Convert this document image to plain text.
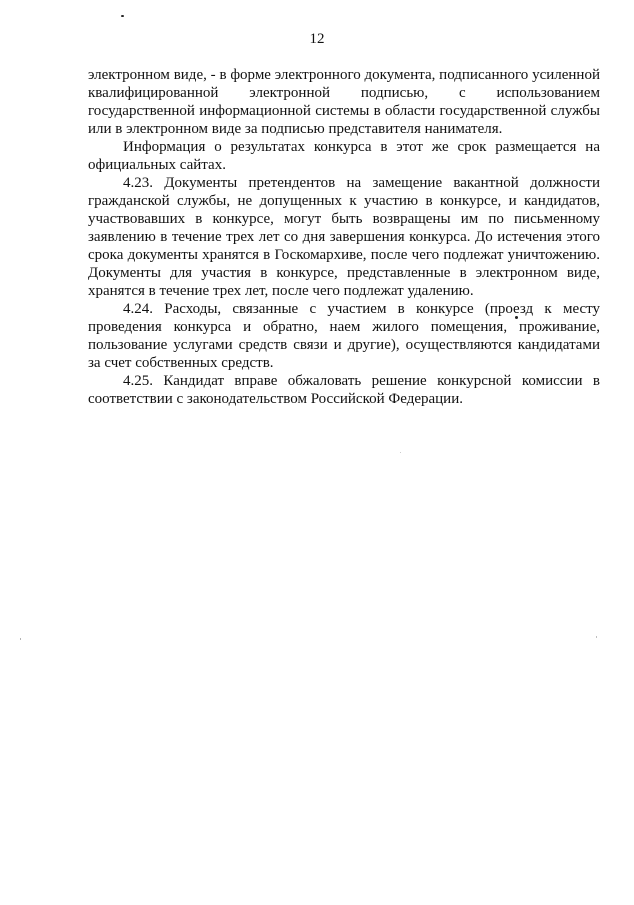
12

электронном виде, - в форме электронного документа, подписанного усиленной квалифицированной электронной подписью, с использованием государственной информационной системы в области государственной службы или в электронном виде за подписью представителя нанимателя.

Информация о результатах конкурса в этот же срок размещается на официальных сайтах.

4.23. Документы претендентов на замещение вакантной должности гражданской службы, не допущенных к участию в конкурсе, и кандидатов, участвовавших в конкурсе, могут быть возвращены им по письменному заявлению в течение трех лет со дня завершения конкурса. До истечения этого срока документы хранятся в Госкомархиве, после чего подлежат уничтожению. Документы для участия в конкурсе, представленные в электронном виде, хранятся в течение трех лет, после чего подлежат удалению.

4.24. Расходы, связанные с участием в конкурсе (проезд к месту проведения конкурса и обратно, наем жилого помещения, проживание, пользование услугами средств связи и другие), осуществляются кандидатами за счет собственных средств.

4.25. Кандидат вправе обжаловать решение конкурсной комиссии в соответствии с законодательством Российской Федерации.
